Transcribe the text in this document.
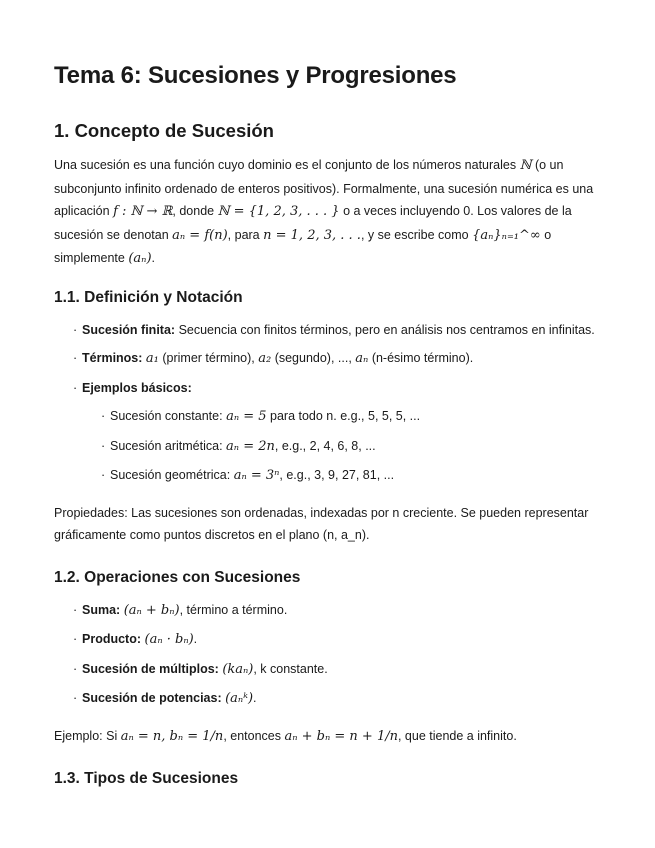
Tema 6: Sucesiones y Progresiones
1. Concepto de Sucesión

Una sucesión es una función cuyo dominio es el conjunto de los números naturales ℕ (o un subconjunto infinito ordenado de enteros positivos). Formalmente, una sucesión numérica es una aplicación f : ℕ → ℝ, donde ℕ = {1, 2, 3, . . . } o a veces incluyendo 0. Los valores de la sucesión se denotan aₙ = f(n), para n = 1, 2, 3, . . ., y se escribe como {aₙ}ₙ₌₁^∞ o simplemente (aₙ).

1.1. Definición y Notación
· Sucesión finita: Secuencia con finitos términos, pero en análisis nos centramos en infinitas.
· Términos: a₁ (primer término), a₂ (segundo), ..., aₙ (n-ésimo término).
· Ejemplos básicos:
· Sucesión constante: aₙ = 5 para todo n. e.g., 5, 5, 5, ...
· Sucesión aritmética: aₙ = 2n, e.g., 2, 4, 6, 8, ...
· Sucesión geométrica: aₙ = 3ⁿ, e.g., 3, 9, 27, 81, ...

Propiedades: Las sucesiones son ordenadas, indexadas por n creciente. Se pueden representar gráficamente como puntos discretos en el plano (n, a_n).

1.2. Operaciones con Sucesiones
· Suma: (aₙ + bₙ), término a término.
· Producto: (aₙ · bₙ).
· Sucesión de múltiplos: (kaₙ), k constante.
· Sucesión de potencias: (aₙᵏ).

Ejemplo: Si aₙ = n, bₙ = 1/n, entonces aₙ + bₙ = n + 1/n, que tiende a infinito.

1.3. Tipos de Sucesiones
